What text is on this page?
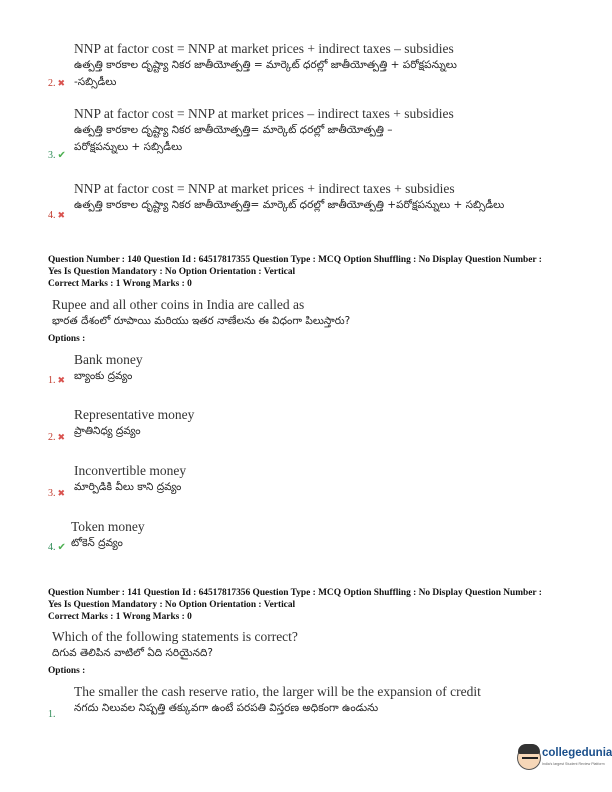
NNP at factor cost = NNP at market prices + indirect taxes – subsidies
ఉత్పత్తి కారకాల దృష్ట్యా నికర జాతీయోత్పత్తి = మార్కెట్ ధరల్లో జాతీయోత్పత్తి + పరోక్షపన్నులు
-సబ్సిడీలు
2. ✖
NNP at factor cost = NNP at market prices – indirect taxes + subsidies
ఉత్పత్తి కారకాల దృష్ట్యా నికర జాతీయోత్పత్తి= మార్కెట్ ధరల్లో జాతీయోత్పత్తి –
పరోక్షపన్నులు + సబ్సిడీలు
3. ✔
NNP at factor cost = NNP at market prices + indirect taxes + subsidies
ఉత్పత్తి కారకాల దృష్ట్యా నికర జాతీయోత్పత్తి= మార్కెట్ ధరల్లో జాతీయోత్పత్తి +పరోక్షపన్నులు + సబ్సిడీలు
4. ✖
Question Number : 140 Question Id : 64517817355 Question Type : MCQ Option Shuffling : No Display Question Number :
Yes Is Question Mandatory : No Option Orientation : Vertical
Correct Marks : 1 Wrong Marks : 0
Rupee and all other coins in India are called as
భారత దేశంలో రూపాయి మరియు ఇతర నాణేలను ఈ విధంగా పిలుస్తారు?
Options :
Bank money
బ్యాంకు ద్రవ్యం
1. ✖
Representative money
ప్రాతినిధ్య ద్రవ్యం
2. ✖
Inconvertible money
మార్పిడికి వీలు కాని ద్రవ్యం
3. ✖
Token money
టోకెన్ ద్రవ్యం
4. ✔
Question Number : 141 Question Id : 64517817356 Question Type : MCQ Option Shuffling : No Display Question Number :
Yes Is Question Mandatory : No Option Orientation : Vertical
Correct Marks : 1 Wrong Marks : 0
Which of the following statements is correct?
దిగువ తెలిపిన వాటిలో ఏది సరియైనది?
Options :
The smaller the cash reserve ratio, the larger will be the expansion of credit
నగదు నిలువల నిష్పత్తి తక్కువగా ఉంటే పరపతి విస్తరణ అధికంగా ఉండును
1.
collegedunia
India's largest Student Review Platform
